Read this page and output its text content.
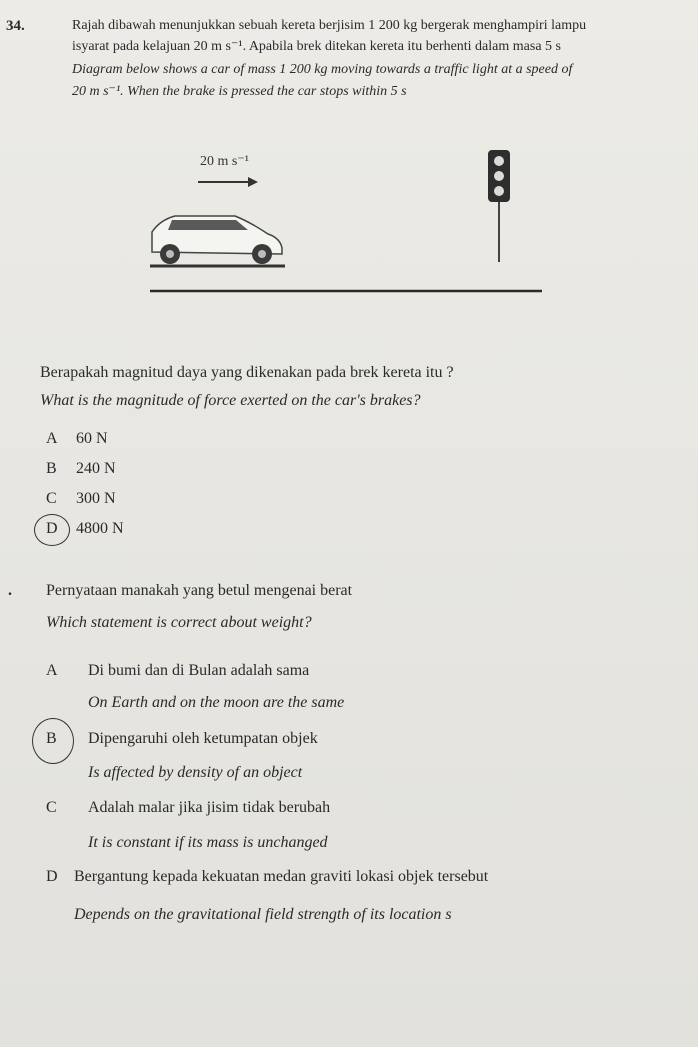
34.	Rajah dibawah menunjukkan sebuah kereta berjisim 1 200 kg bergerak menghampiri lampu
isyarat pada kelajuan 20 m s⁻¹. Apabila brek ditekan kereta itu berhenti dalam masa 5 s
Diagram below shows a car of mass 1 200 kg moving towards a traffic light at a speed of
20 m s⁻¹. When the brake is pressed the car stops within 5 s
20 m s⁻¹
Berapakah magnitud daya yang dikenakan pada brek kereta itu ?
What is the magnitude of force exerted on the car's brakes?
A 60 N
B 240 N
C 300 N
D 4800 N
. Pernyataan manakah yang betul mengenai berat
Which statement is correct about weight?
A Di bumi dan di Bulan adalah sama
On Earth and on the moon are the same
B Dipengaruhi oleh ketumpatan objek
Is affected by density of an object
C Adalah malar jika jisim tidak berubah
It is constant if its mass is unchanged
D Bergantung kepada kekuatan medan graviti lokasi objek tersebut
Depends on the gravitational field strength of its location s
